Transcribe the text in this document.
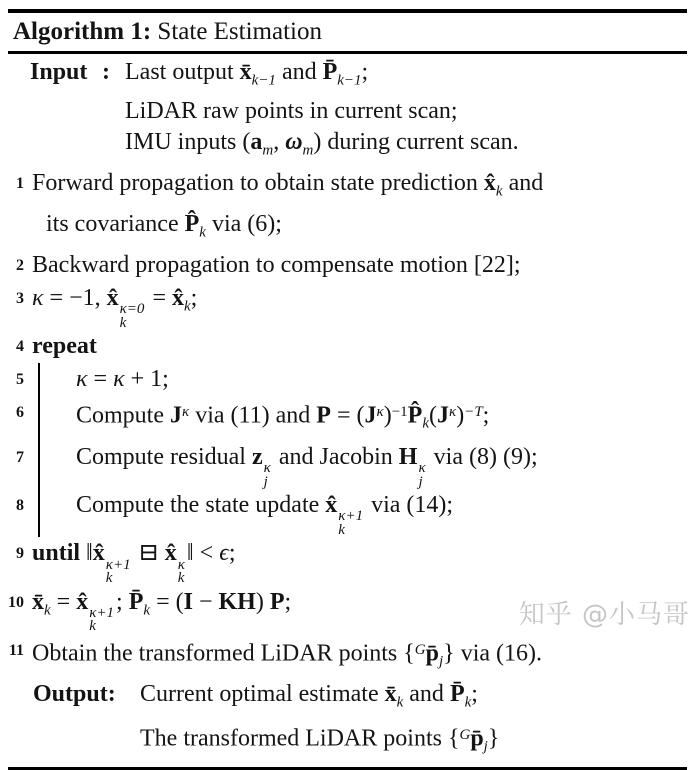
Algorithm 1: State Estimation
Input : Last output $x̄_{k-1}$ and $P̄_{k-1}$;
LiDAR raw points in current scan;
IMU inputs ($a_m$, $\omega_m$) during current scan.
1 Forward propagation to obtain state prediction $x̂_k$ and
its covariance $P̂_k$ via (6);
2 Backward propagation to compensate motion [22];
3 κ = −1, x̂ κ=0
k
= $x̂_k$;
4 repeat
5	κ = κ + 1;
6	Compute $J^\kappa$ via (11) and $P = (J^\kappa)^{-1}P̂_k(J^\kappa)^{-T}$;
7	Compute residual z κ
j
and Jacobin H κ
j
via (8) (9);
8	Compute the state update x̂ κ+1
k
via (14);
9 until ‖x̂ κ+1
k
⊟ x̂ κ
k
‖ < ϵ;
10 $x̄_k$ = x̂ κ+1
k
; $P̄_k = (I - KH)$ P;
11 Obtain the transformed LiDAR points $\{^Gp̄_j\}$ via (16).
Output:	Current optimal estimate $x̄_k$ and $P̄_k$;
The transformed LiDAR points $\{^Gp̄_j\}$
知乎 @小马哥
